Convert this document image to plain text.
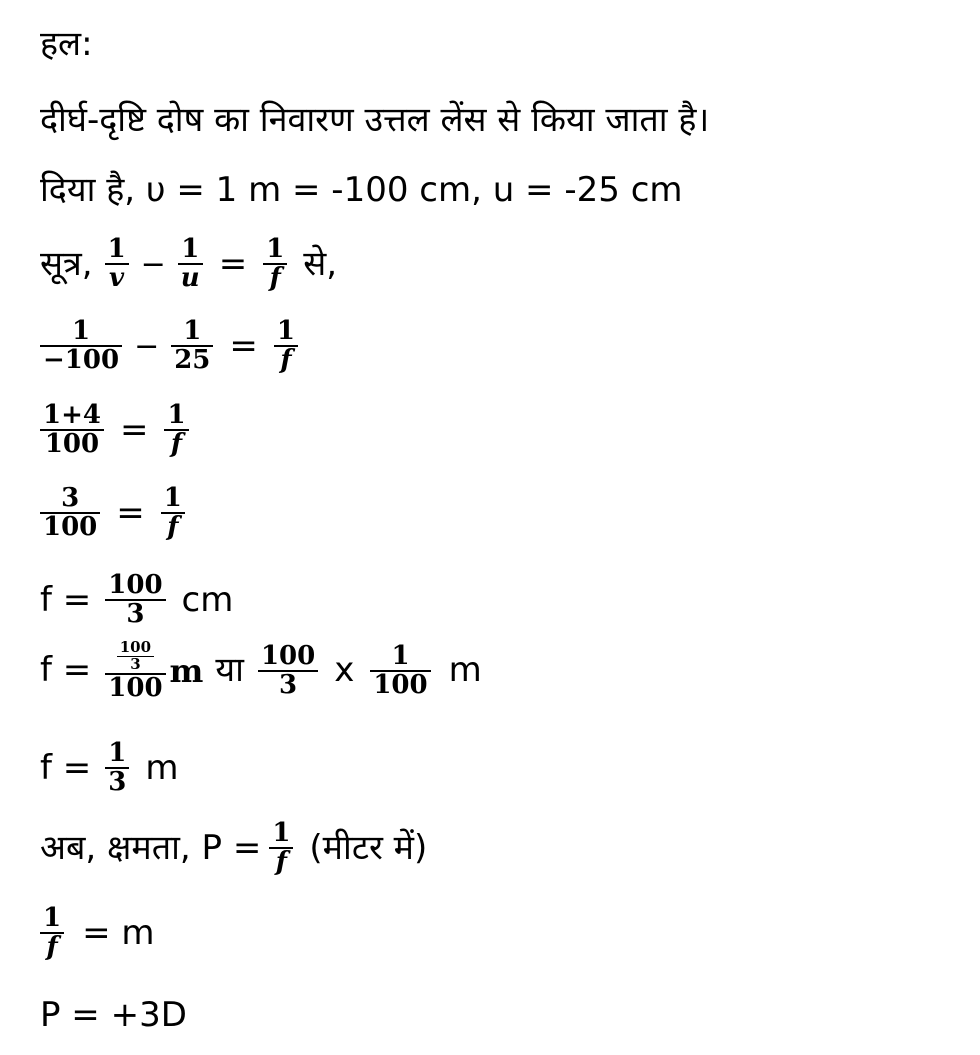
हल:
दीर्घ-दृष्टि दोष का निवारण उत्तल लेंस से किया जाता है।
दिया है, υ = 1 m = -100 cm, u = -25 cm
सूत्र, $\frac{1}{v} - \frac{1}{u} = \frac{1}{f}$ से,
$\frac{1}{-100} - \frac{1}{25} = \frac{1}{f}$
$\frac{1+4}{100} = \frac{1}{f}$
$\frac{3}{100} = \frac{1}{f}$
$f = \frac{100}{3}$ cm
$f = \frac{\frac{100}{3}}{100}$ m या $\frac{100}{3}$ x $\frac{1}{100}$ m
$f = \frac{1}{3}$ m
अब, क्षमता, $P = \frac{1}{f}$ (मीटर में)
$\frac{1}{f} = m$
P = +3D
